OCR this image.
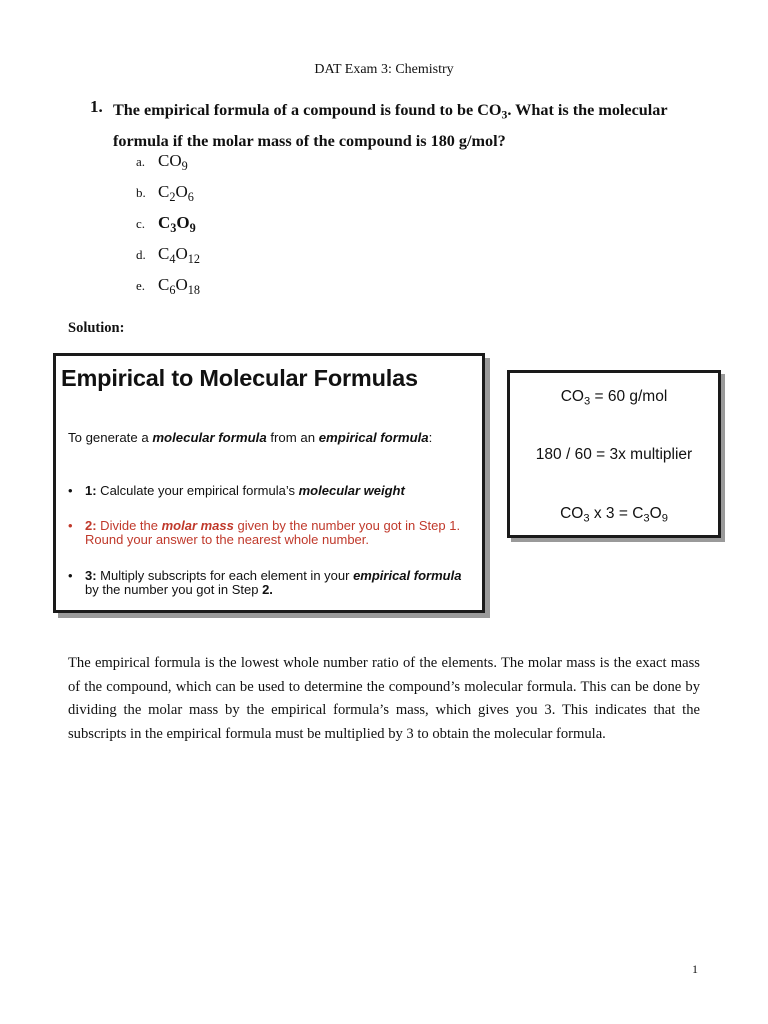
DAT Exam 3: Chemistry
1. The empirical formula of a compound is found to be $CO_3$. What is the molecular formula if the molar mass of the compound is 180 g/mol?
a. $CO_9$
b. $C_2O_6$
c. $C_3O_9$
d. $C_4O_{12}$
e. $C_6O_{18}$
Solution:
Empirical to Molecular Formulas
To generate a molecular formula from an empirical formula:
• 1: Calculate your empirical formula’s molecular weight
• 2: Divide the molar mass given by the number you got in Step 1. Round your answer to the nearest whole number.
• 3: Multiply subscripts for each element in your empirical formula by the number you got in Step 2.
$CO_3 = 60$ g/mol
180 / 60 = 3x multiplier
$CO_3$ x $3 = C_3O_9$
The empirical formula is the lowest whole number ratio of the elements. The molar mass is the exact mass of the compound, which can be used to determine the compound’s molecular formula. This can be done by dividing the molar mass by the empirical formula’s mass, which gives you 3. This indicates that the subscripts in the empirical formula must be multiplied by 3 to obtain the molecular formula.
1
